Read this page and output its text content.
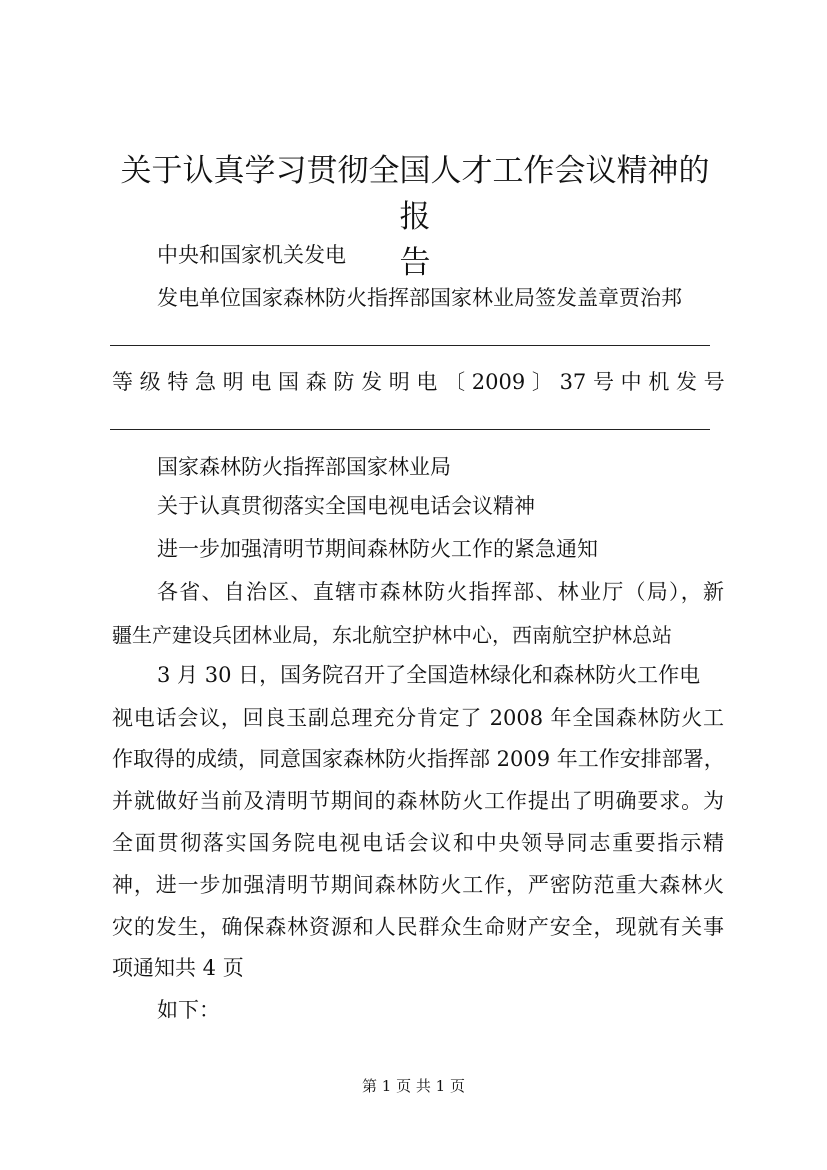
关于认真学习贯彻全国人才工作会议精神的报
告
中央和国家机关发电
发电单位国家森林防火指挥部国家林业局签发盖章贾治邦
等 级 特 急 明 电 国 森 防 发 明 电 〔 2009 〕 37 号 中 机 发 号
国家森林防火指挥部国家林业局
关于认真贯彻落实全国电视电话会议精神
进一步加强清明节期间森林防火工作的紧急通知
各省、自治区、直辖市森林防火指挥部、林业厅（局），新
疆生产建设兵团林业局，东北航空护林中心，西南航空护林总站
3 月 30 日，国务院召开了全国造林绿化和森林防火工作电
视电话会议，回良玉副总理充分肯定了 2008 年全国森林防火工
作取得的成绩，同意国家森林防火指挥部 2009 年工作安排部署，
并就做好当前及清明节期间的森林防火工作提出了明确要求。为
全面贯彻落实国务院电视电话会议和中央领导同志重要指示精
神，进一步加强清明节期间森林防火工作，严密防范重大森林火
灾的发生，确保森林资源和人民群众生命财产安全，现就有关事
项通知共 4 页
如下：
第 1 页 共 1 页
